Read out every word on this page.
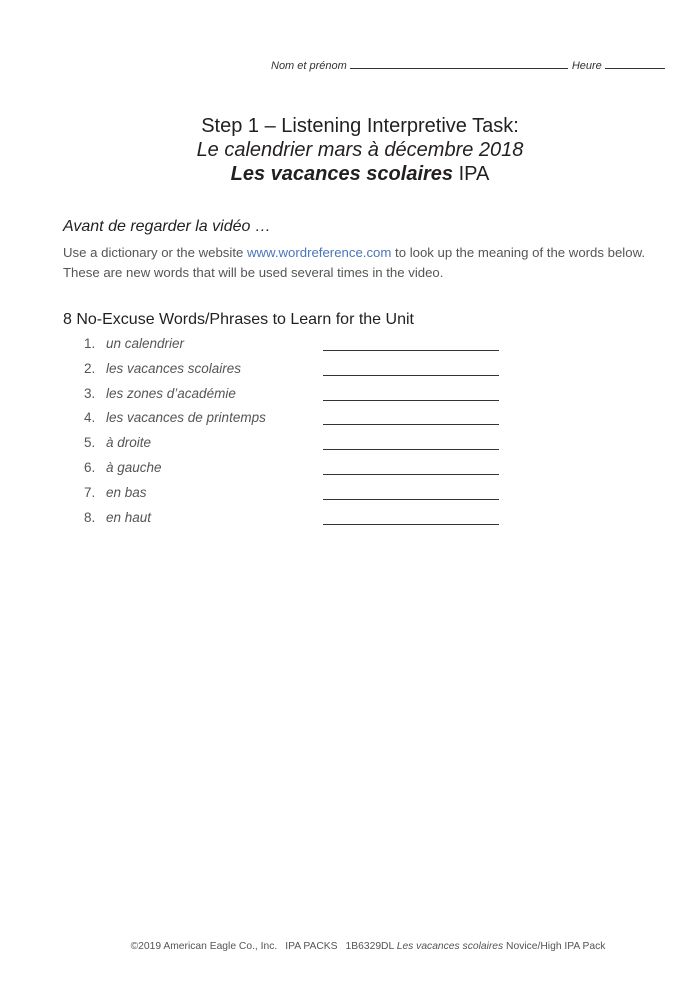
Nom et prénom	Heure
Step 1 – Listening Interpretive Task:
Le calendrier mars à décembre 2018
Les vacances scolaires IPA
Avant de regarder la vidéo …
Use a dictionary or the website www.wordreference.com to look up the meaning of the words below. These are new words that will be used several times in the video.
8 No-Excuse Words/Phrases to Learn for the Unit
1. un calendrier
2. les vacances scolaires
3. les zones d’académie
4. les vacances de printemps
5. à droite
6. à gauche
7. en bas
8. en haut
©2019 American Eagle Co., Inc. IPA PACKS 1B6329DL Les vacances scolaires Novice/High IPA Pack
